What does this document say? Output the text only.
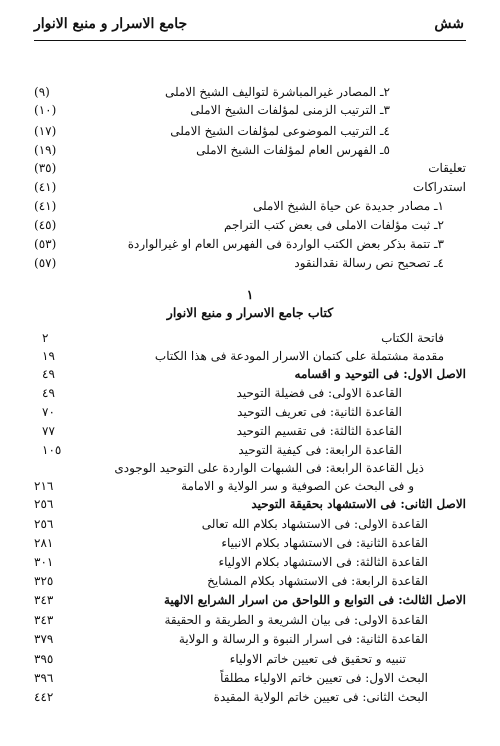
جامع الاسرار و منبع الانوار	شش
٢ـ المصادر غیرالمباشرة لتوالیف الشیخ الاملی
(٩)
٣ـ الترتیب الزمنی لمؤلفات الشیخ الاملی
(١٠)
٤ـ الترتیب الموضوعی لمؤلفات الشیخ الاملی
(١٧)
٥ـ الفهرس العام لمؤلفات الشیخ الاملی
(١٩)
تعلیقات
(٣٥)
استدراکات
(٤١)
١ـ مصادر جدیدة عن حیاة الشیخ الاملی
(٤١)
٢ـ ثبت مؤلفات الاملی فی بعض کتب التراجم
(٤٥)
٣ـ تتمة بذکر بعض الکتب الواردة فی الفهرس العام او غیرالواردة
(٥٣)
٤ـ تصحیح نص رسالة نقدالنقود
(٥٧)
١
کتاب جامع الاسرار و منبع الانوار
فاتحة الکتاب
٢
مقدمة مشتملة علی کتمان الاسرار المودعة فی هذا الکتاب
١٩
الاصل الاول: فی التوحید و اقسامه
٤٩
القاعدة الاولی: فی فضیلة التوحید
٤٩
القاعدة الثانیة: فی تعریف التوحید
٧٠
القاعدة الثالثة: فی تقسیم التوحید
٧٧
القاعدة الرابعة: فی کیفیة التوحید
١٠٥
ذیل القاعدة الرابعة: فی الشبهات الواردة علی التوحید الوجودی
و فی البحث عن الصوفیة و سر الولایة و الامامة
٢١٦
الاصل الثانی: فی الاستشهاد بحقیقة التوحید
٢٥٦
القاعدة الاولی: فی الاستشهاد بکلام الله تعالی
٢٥٦
القاعدة الثانیة: فی الاستشهاد بکلام الانبیاء
٢٨١
القاعدة الثالثة: فی الاستشهاد بکلام الاولیاء
٣٠١
القاعدة الرابعة: فی الاستشهاد بکلام المشایخ
٣٢٥
الاصل الثالث: فی التوابع و اللواحق من اسرار الشرایع الالهیة
٣٤٣
القاعدة الاولی: فی بیان الشریعة و الطریقة و الحقیقة
٣٤٣
القاعدة الثانیة: فی اسرار النبوة و الرسالة و الولایة
٣٧٩
تنبیه و تحقیق فی تعیین خاتم الاولیاء
٣٩٥
البحث الاول: فی تعیین خاتم الاولیاء مطلقاً
٣٩٦
البحث الثانی: فی تعیین خاتم الولایة المقیدة
٤٤٢
